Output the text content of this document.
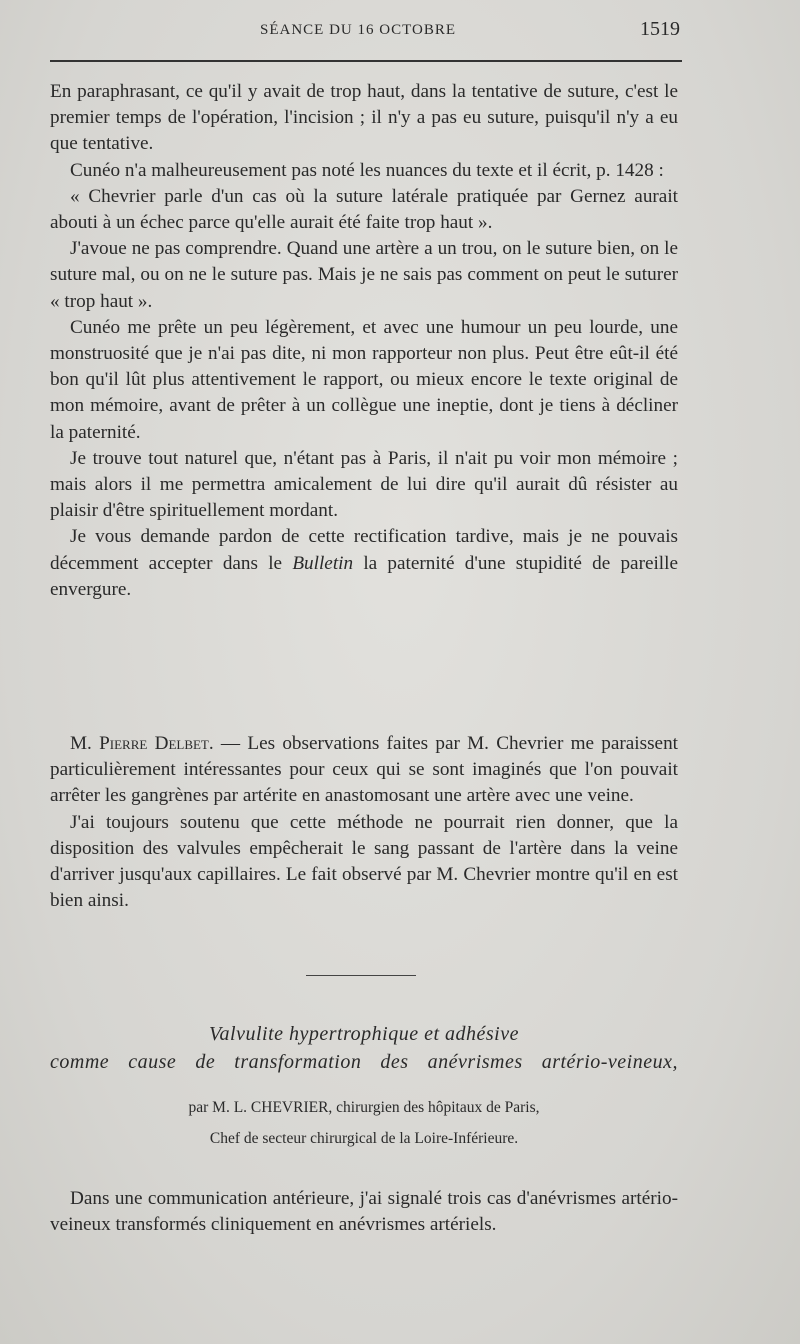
SÉANCE DU 16 OCTOBRE	1519

En paraphrasant, ce qu'il y avait de trop haut, dans la tentative de suture, c'est le premier temps de l'opération, l'incision ; il n'y a pas eu suture, puisqu'il n'y a eu que tentative.

Cunéo n'a malheureusement pas noté les nuances du texte et il écrit, p. 1428 :

« Chevrier parle d'un cas où la suture latérale pratiquée par Gernez aurait abouti à un échec parce qu'elle aurait été faite trop haut ».

J'avoue ne pas comprendre. Quand une artère a un trou, on le suture bien, on le suture mal, ou on ne le suture pas. Mais je ne sais pas comment on peut le suturer « trop haut ».

Cunéo me prête un peu légèrement, et avec une humour un peu lourde, une monstruosité que je n'ai pas dite, ni mon rapporteur non plus. Peut être eût-il été bon qu'il lût plus attentivement le rapport, ou mieux encore le texte original de mon mémoire, avant de prêter à un collègue une ineptie, dont je tiens à décliner la paternité.

Je trouve tout naturel que, n'étant pas à Paris, il n'ait pu voir mon mémoire ; mais alors il me permettra amicalement de lui dire qu'il aurait dû résister au plaisir d'être spirituellement mordant.

Je vous demande pardon de cette rectification tardive, mais je ne pouvais décemment accepter dans le Bulletin la paternité d'une stupidité de pareille envergure.

M. Pierre Delbet. — Les observations faites par M. Chevrier me paraissent particulièrement intéressantes pour ceux qui se sont imaginés que l'on pouvait arrêter les gangrènes par artérite en anastomosant une artère avec une veine.

J'ai toujours soutenu que cette méthode ne pourrait rien donner, que la disposition des valvules empêcherait le sang passant de l'artère dans la veine d'arriver jusqu'aux capillaires. Le fait observé par M. Chevrier montre qu'il en est bien ainsi.

Valvulite hypertrophique et adhésive
comme cause de transformation des anévrismes artério-veineux,
par M. L. CHEVRIER, chirurgien des hôpitaux de Paris,
Chef de secteur chirurgical de la Loire-Inférieure.

Dans une communication antérieure, j'ai signalé trois cas d'anévrismes artério-veineux transformés cliniquement en anévrismes artériels.
